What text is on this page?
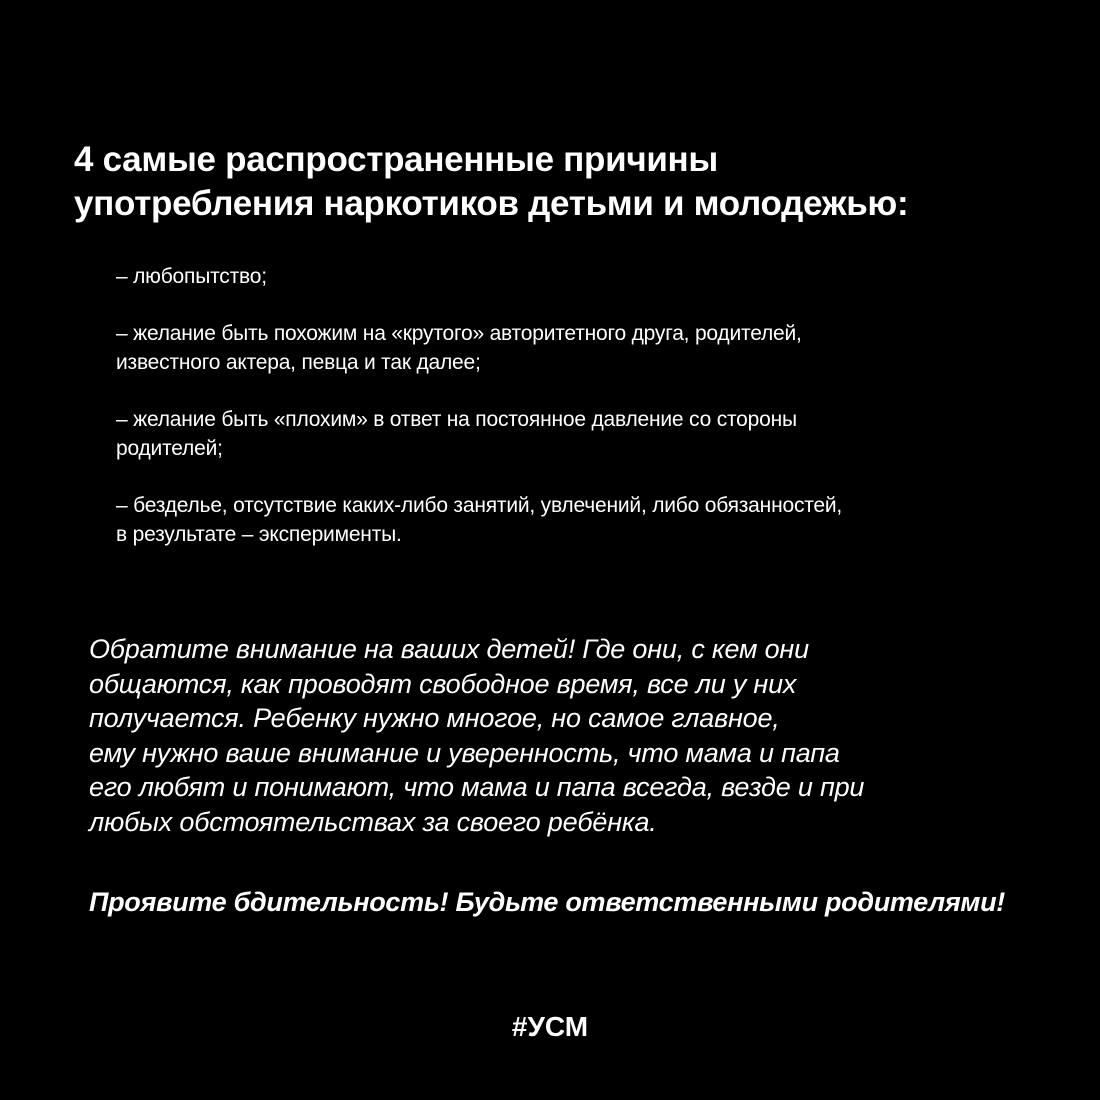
4 самые распространенные причины
употребления наркотиков детьми и молодежью:

– любопытство;

– желание быть похожим на «крутого» авторитетного друга, родителей,
известного актера, певца и так далее;

– желание быть «плохим» в ответ на постоянное давление со стороны
родителей;

– безделье, отсутствие каких-либо занятий, увлечений, либо обязанностей,
в результате – эксперименты.

Обратите внимание на ваших детей! Где они, с кем они
общаются, как проводят свободное время, все ли у них
получается. Ребенку нужно многое, но самое главное,
ему нужно ваше внимание и уверенность, что мама и папа
его любят и понимают, что мама и папа всегда, везде и при
любых обстоятельствах за своего ребёнка.
Проявите бдительность! Будьте ответственными родителями!
#УСМ
